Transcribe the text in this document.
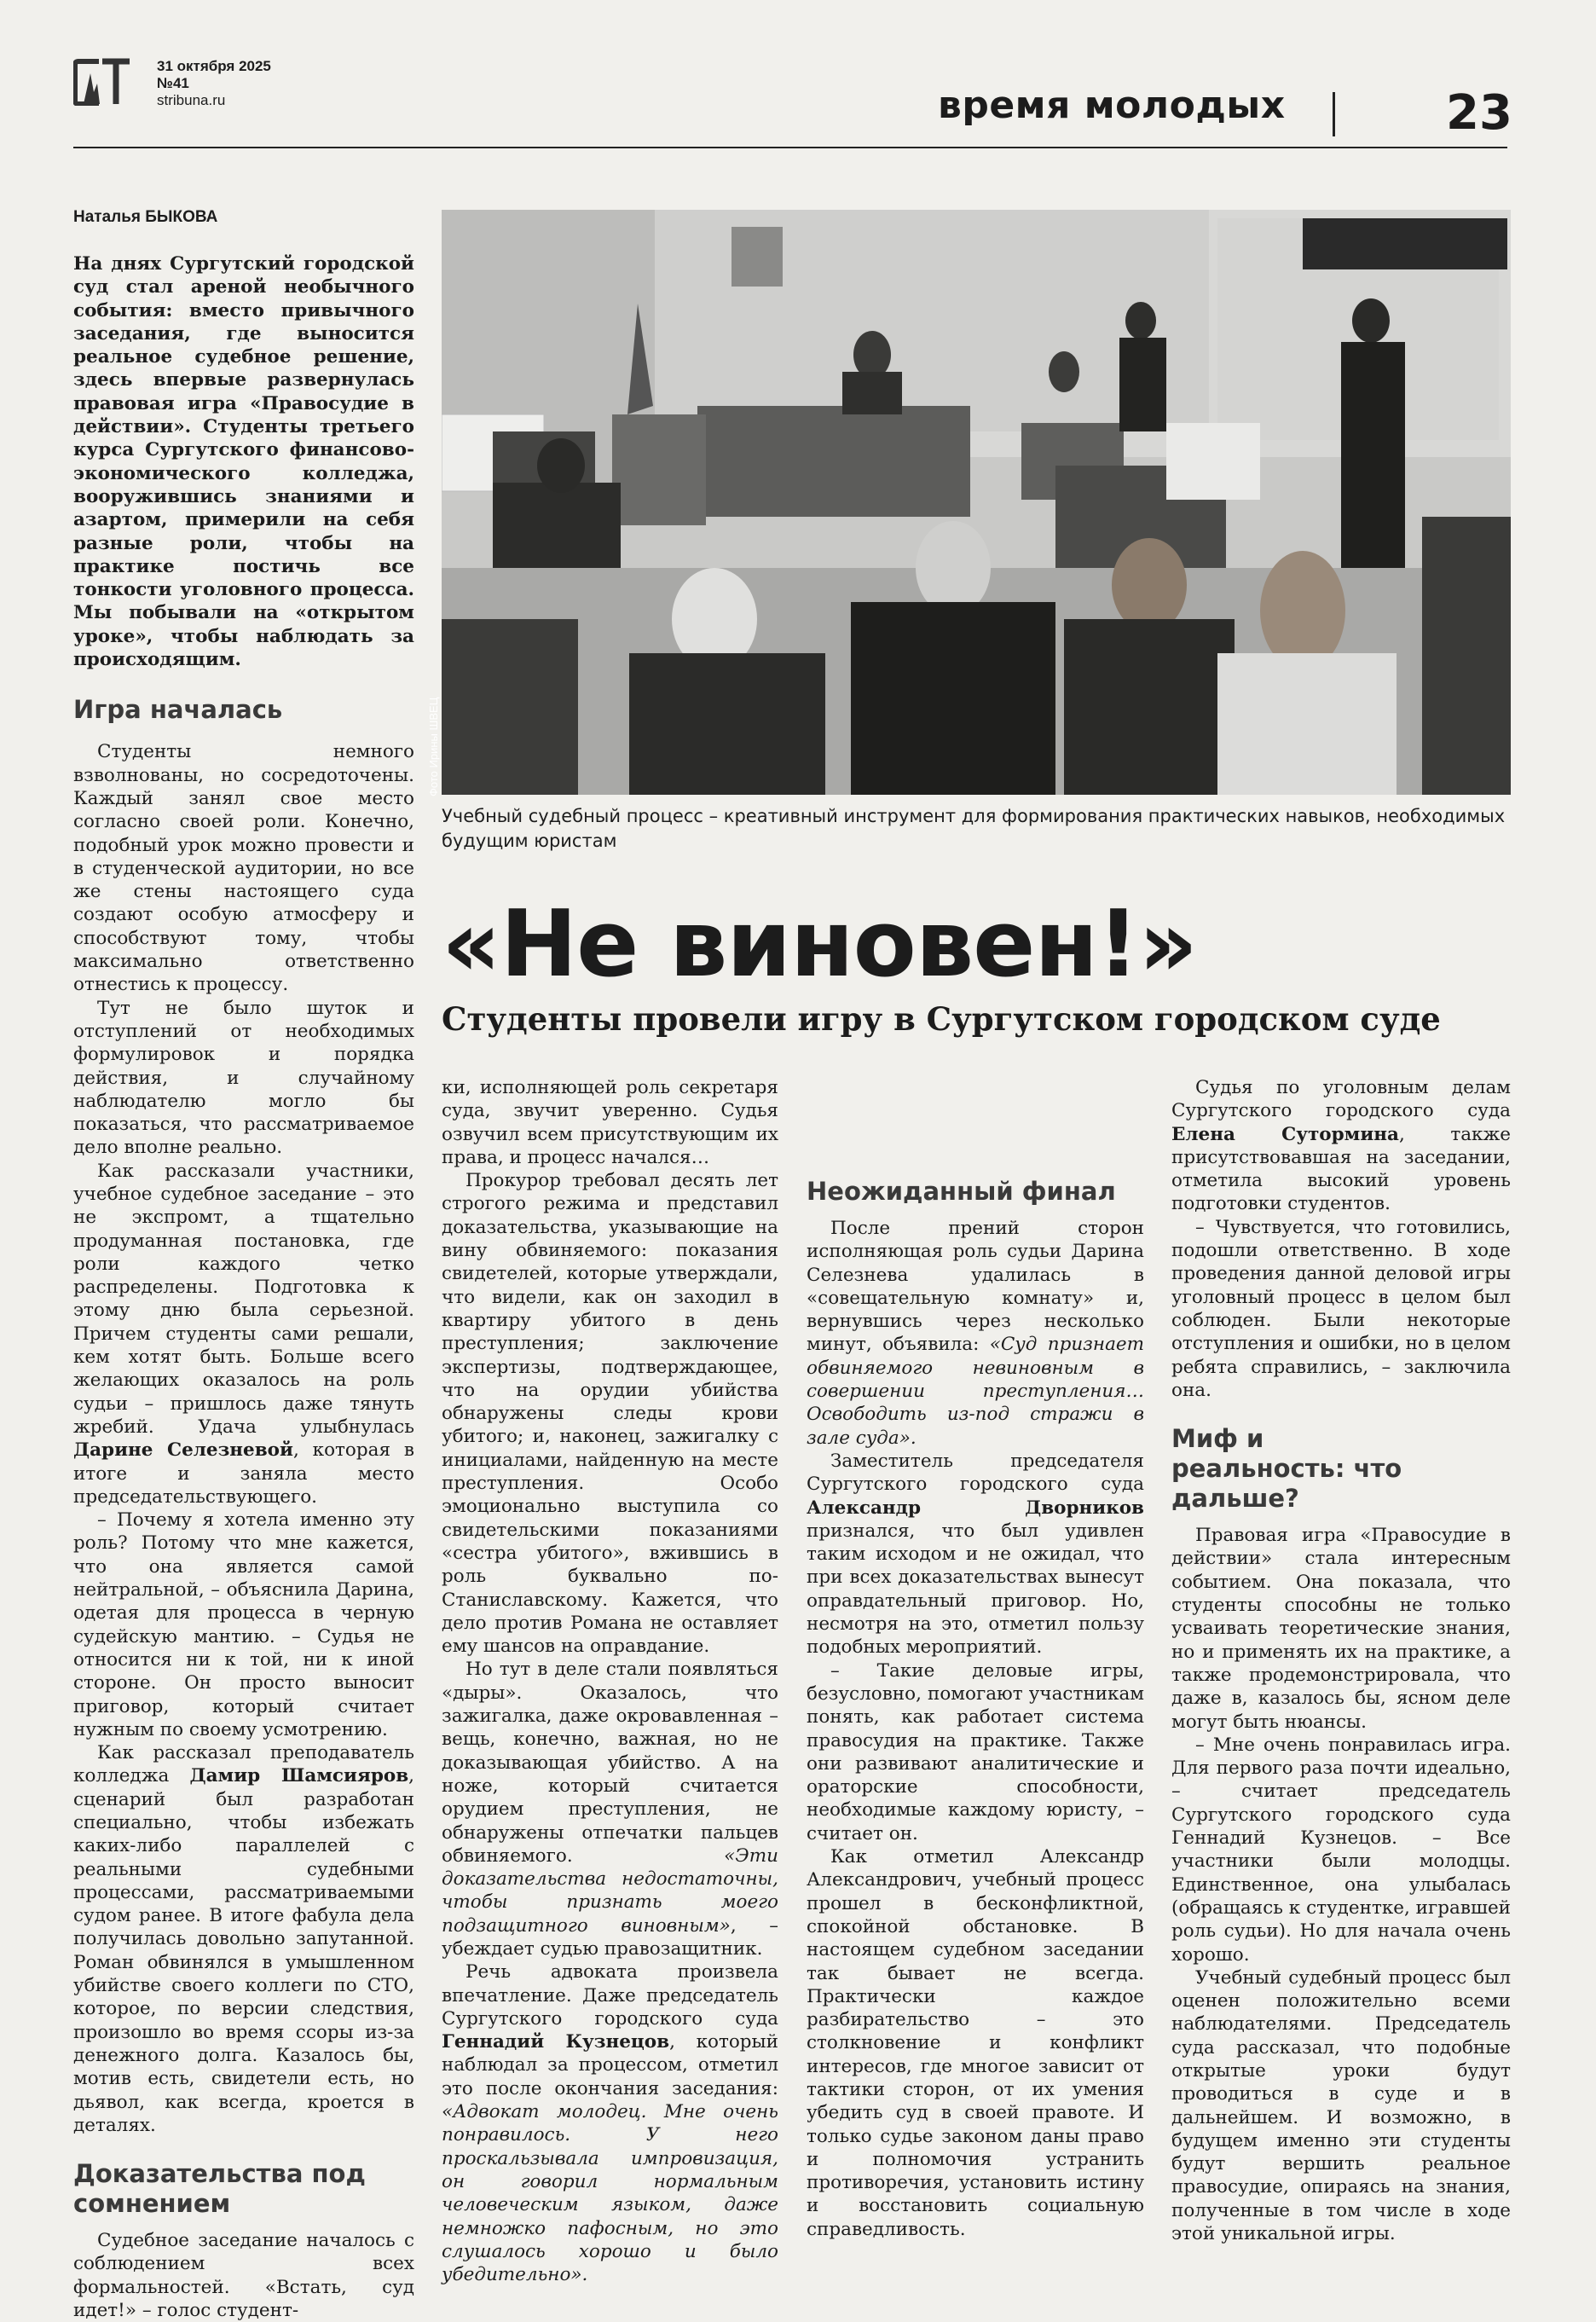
31 октября 2025
№41
stribuna.ru	время молодых	23
Наталья БЫКОВА

На днях Сургутский городской суд стал ареной необычного события: вместо привычного заседания, где выносится реальное судебное решение, здесь впервые развернулась правовая игра «Правосудие в действии». Студенты третьего курса Сургутского финансово-экономического колледжа, вооружившись знаниями и азартом, примерили на себя разные роли, чтобы на практике постичь все тонкости уголовного процесса. Мы побывали на «открытом уроке», чтобы наблюдать за происходящим.

Игра началась

Студенты немного взволнованы, но сосредоточены. Каждый занял свое место согласно своей роли. Конечно, подобный урок можно провести и в студенческой аудитории, но все же стены настоящего суда создают особую атмосферу и способствуют тому, чтобы максимально ответственно отнестись к процессу.

Тут не было шуток и отступлений от необходимых формулировок и порядка действия, и случайному наблюдателю могло бы показаться, что рассматриваемое дело вполне реально.

Как рассказали участники, учебное судебное заседание – это не экспромт, а тщательно продуманная постановка, где роли каждого четко распределены. Подготовка к этому дню была серьезной. Причем студенты сами решали, кем хотят быть. Больше всего желающих оказалось на роль судьи – пришлось даже тянуть жребий. Удача улыбнулась Дарине Селезневой, которая в итоге и заняла место председательствующего.

– Почему я хотела именно эту роль? Потому что мне кажется, что она является самой нейтральной, – объяснила Дарина, одетая для процесса в черную судейскую мантию. – Судья не относится ни к той, ни к иной стороне. Он просто выносит приговор, который считает нужным по своему усмотрению.

Как рассказал преподаватель колледжа Дамир Шамсияров, сценарий был разработан специально, чтобы избежать каких-либо параллелей с реальными судебными процессами, рассматриваемыми судом ранее. В итоге фабула дела получилась довольно запутанной. Роман обвинялся в умышленном убийстве своего коллеги по СТО, которое, по версии следствия, произошло во время ссоры из-за денежного долга. Казалось бы, мотив есть, свидетели есть, но дьявол, как всегда, кроется в деталях.

Доказательства под сомнением

Судебное заседание началось с соблюдением всех формальностей. «Встать, суд идет!» – голос студент-

Фото Ирины ШВЕЦ
Учебный судебный процесс – креативный инструмент для формирования практических навыков, необходимых будущим юристам
«Не виновен!»
Студенты провели игру в Сургутском городском суде

ки, исполняющей роль секретаря суда, звучит уверенно. Судья озвучил всем присутствующим их права, и процесс начался…

Прокурор требовал десять лет строгого режима и представил доказательства, указывающие на вину обвиняемого: показания свидетелей, которые утверждали, что видели, как он заходил в квартиру убитого в день преступления; заключение экспертизы, подтверждающее, что на орудии убийства обнаружены следы крови убитого; и, наконец, зажигалку с инициалами, найденную на месте преступления. Особо эмоционально выступила со свидетельскими показаниями «сестра убитого», вжившись в роль буквально по-Станиславскому. Кажется, что дело против Романа не оставляет ему шансов на оправдание.

Но тут в деле стали появляться «дыры». Оказалось, что зажигалка, даже окровавленная – вещь, конечно, важная, но не доказывающая убийство. А на ноже, который считается орудием преступления, не обнаружены отпечатки пальцев обвиняемого. «Эти доказательства недостаточны, чтобы признать моего подзащитного виновным», – убеждает судью правозащитник.

Речь адвоката произвела впечатление. Даже председатель Сургутского городского суда Геннадий Кузнецов, который наблюдал за процессом, отметил это после окончания заседания: «Адвокат молодец. Мне очень понравилось. У него проскальзывала импровизация, он говорил нормальным человеческим языком, даже немножко пафосным, но это слушалось хорошо и было убедительно».

Неожиданный финал

После прений сторон исполняющая роль судьи Дарина Селезнева удалилась в «совещательную комнату» и, вернувшись через несколько минут, объявила: «Суд признает обвиняемого невиновным в совершении преступления… Освободить из-под стражи в зале суда».

Заместитель председателя Сургутского городского суда Александр Дворников признался, что был удивлен таким исходом и не ожидал, что при всех доказательствах вынесут оправдательный приговор. Но, несмотря на это, отметил пользу подобных мероприятий.

– Такие деловые игры, безусловно, помогают участникам понять, как работает система правосудия на практике. Также они развивают аналитические и ораторские способности, необходимые каждому юристу, – считает он.

Как отметил Александр Александрович, учебный процесс прошел в бесконфликтной, спокойной обстановке. В настоящем судебном заседании так бывает не всегда. Практически каждое разбирательство – это столкновение и конфликт интересов, где многое зависит от тактики сторон, от их умения убедить суд в своей правоте. И только судье законом даны право и полномочия устранить противоречия, установить истину и восстановить социальную справедливость.

Судья по уголовным делам Сургутского городского суда Елена Сутормина, также присутствовавшая на заседании, отметила высокий уровень подготовки студентов.

– Чувствуется, что готовились, подошли ответственно. В ходе проведения данной деловой игры уголовный процесс в целом был соблюден. Были некоторые отступления и ошибки, но в целом ребята справились, – заключила она.

Миф и реальность: что дальше?

Правовая игра «Правосудие в действии» стала интересным событием. Она показала, что студенты способны не только усваивать теоретические знания, но и применять их на практике, а также продемонстрировала, что даже в, казалось бы, ясном деле могут быть нюансы.

– Мне очень понравилась игра. Для первого раза почти идеально, – считает председатель Сургутского городского суда Геннадий Кузнецов. – Все участники были молодцы. Единственное, она улыбалась (обращаясь к студентке, игравшей роль судьи). Но для начала очень хорошо.

Учебный судебный процесс был оценен положительно всеми наблюдателями. Председатель суда рассказал, что подобные открытые уроки будут проводиться в суде и в дальнейшем. И возможно, в будущем именно эти студенты будут вершить реальное правосудие, опираясь на знания, полученные в том числе в ходе этой уникальной игры.
